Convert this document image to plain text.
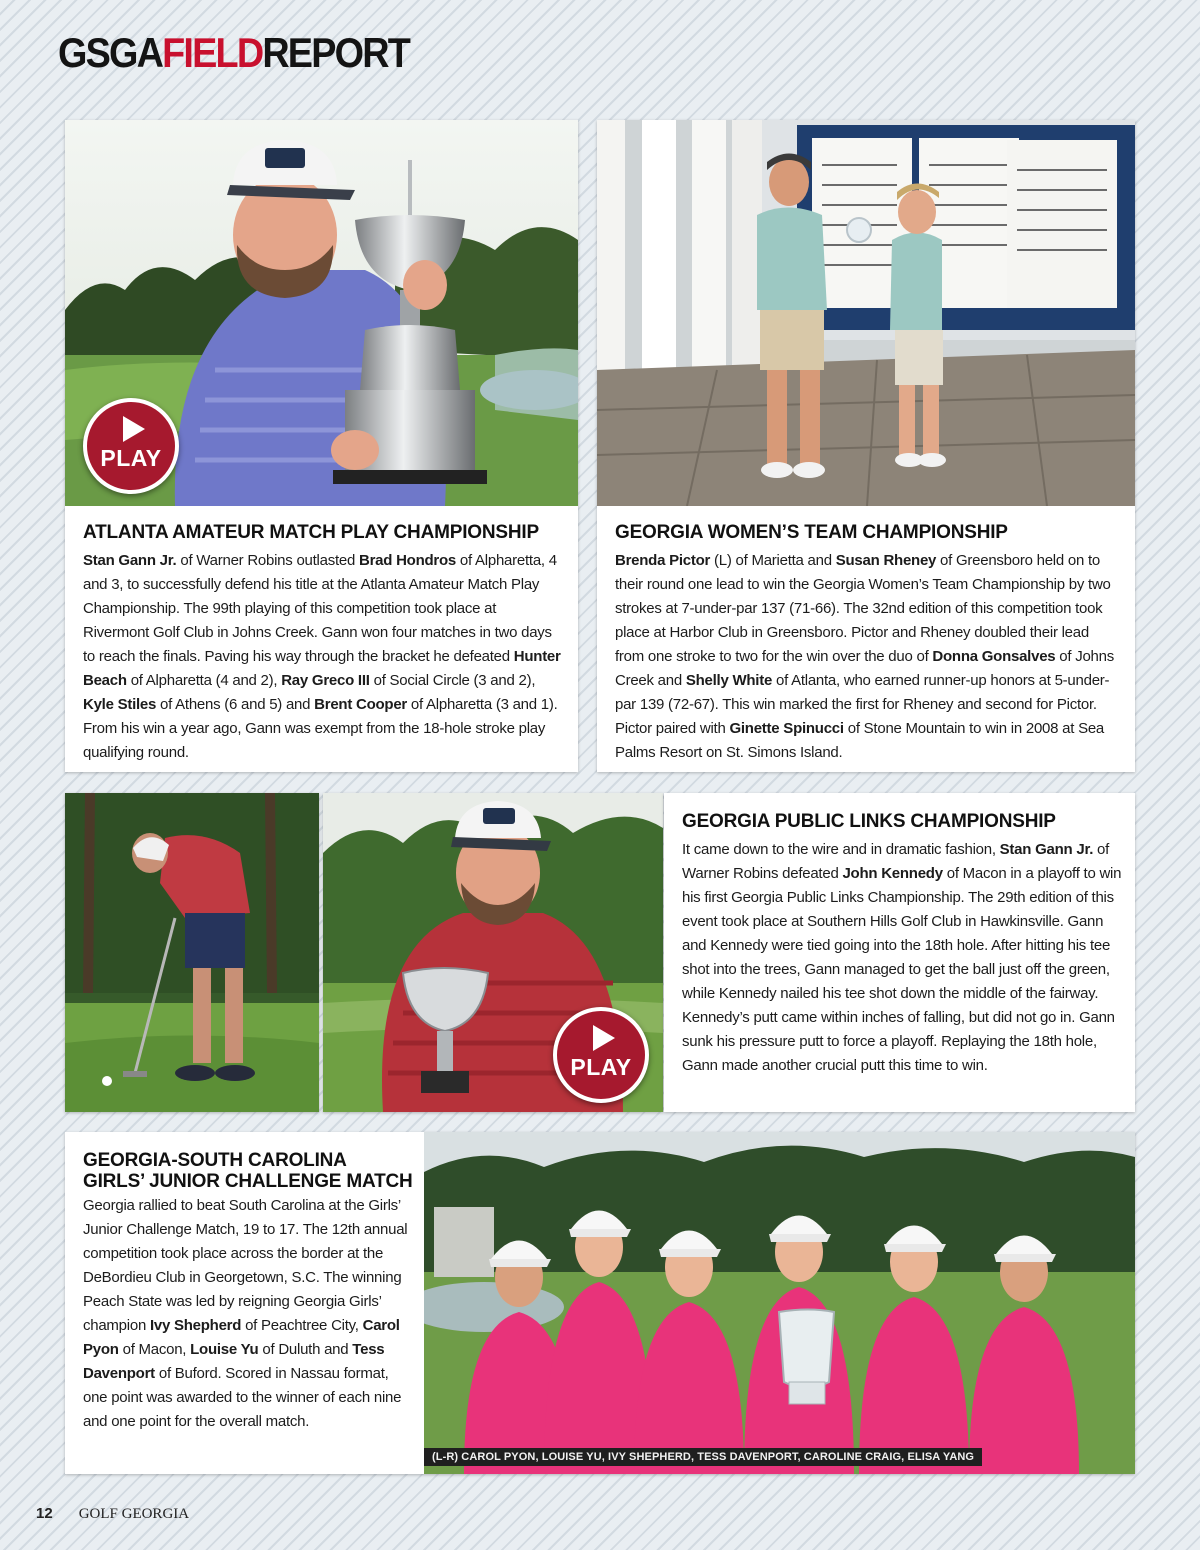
GSGAFIELDREPORT
PLAY
ATLANTA AMATEUR MATCH PLAY CHAMPIONSHIP

Stan Gann Jr. of Warner Robins outlasted Brad Hondros of Alpharetta, 4 and 3, to successfully defend his title at the Atlanta Amateur Match Play Championship. The 99th playing of this competition took place at Rivermont Golf Club in Johns Creek. Gann won four matches in two days to reach the finals. Paving his way through the bracket he defeated Hunter Beach of Alpharetta (4 and 2), Ray Greco III of Social Circle (3 and 2), Kyle Stiles of Athens (6 and 5) and Brent Cooper of Alpharetta (3 and 1). From his win a year ago, Gann was exempt from the 18-hole stroke play qualifying round.

GEORGIA WOMEN’S TEAM CHAMPIONSHIP

Brenda Pictor (L) of Marietta and Susan Rheney of Greensboro held on to their round one lead to win the Georgia Women’s Team Championship by two strokes at 7-under-par 137 (71-66). The 32nd edition of this competition took place at Harbor Club in Greensboro. Pictor and Rheney doubled their lead from one stroke to two for the win over the duo of Donna Gonsalves of Johns Creek and Shelly White of Atlanta, who earned runner-up honors at 5-under-par 139 (72-67). This win marked the first for Rheney and second for Pictor. Pictor paired with Ginette Spinucci of Stone Mountain to win in 2008 at Sea Palms Resort on St. Simons Island.

PLAY
GEORGIA PUBLIC LINKS CHAMPIONSHIP

It came down to the wire and in dramatic fashion, Stan Gann Jr. of Warner Robins defeated John Kennedy of Macon in a playoff to win his first Georgia Public Links Championship. The 29th edition of this event took place at Southern Hills Golf Club in Hawkinsville. Gann and Kennedy were tied going into the 18th hole. After hitting his tee shot into the trees, Gann managed to get the ball just off the green, while Kennedy nailed his tee shot down the middle of the fairway. Kennedy’s putt came within inches of falling, but did not go in. Gann sunk his pressure putt to force a playoff. Replaying the 18th hole, Gann made another crucial putt this time to win.

GEORGIA-SOUTH CAROLINA
GIRLS’ JUNIOR CHALLENGE MATCH

Georgia rallied to beat South Carolina at the Girls’ Junior Challenge Match, 19 to 17. The 12th annual competition took place across the border at the DeBordieu Club in Georgetown, S.C. The winning Peach State was led by reigning Georgia Girls’ champion Ivy Shepherd of Peachtree City, Carol Pyon of Macon, Louise Yu of Duluth and Tess Davenport of Buford. Scored in Nassau format, one point was awarded to the winner of each nine and one point for the overall match.

(L-R) CAROL PYON, LOUISE YU, IVY SHEPHERD, TESS DAVENPORT, CAROLINE CRAIG, ELISA YANG
12 GOLF GEORGIA
